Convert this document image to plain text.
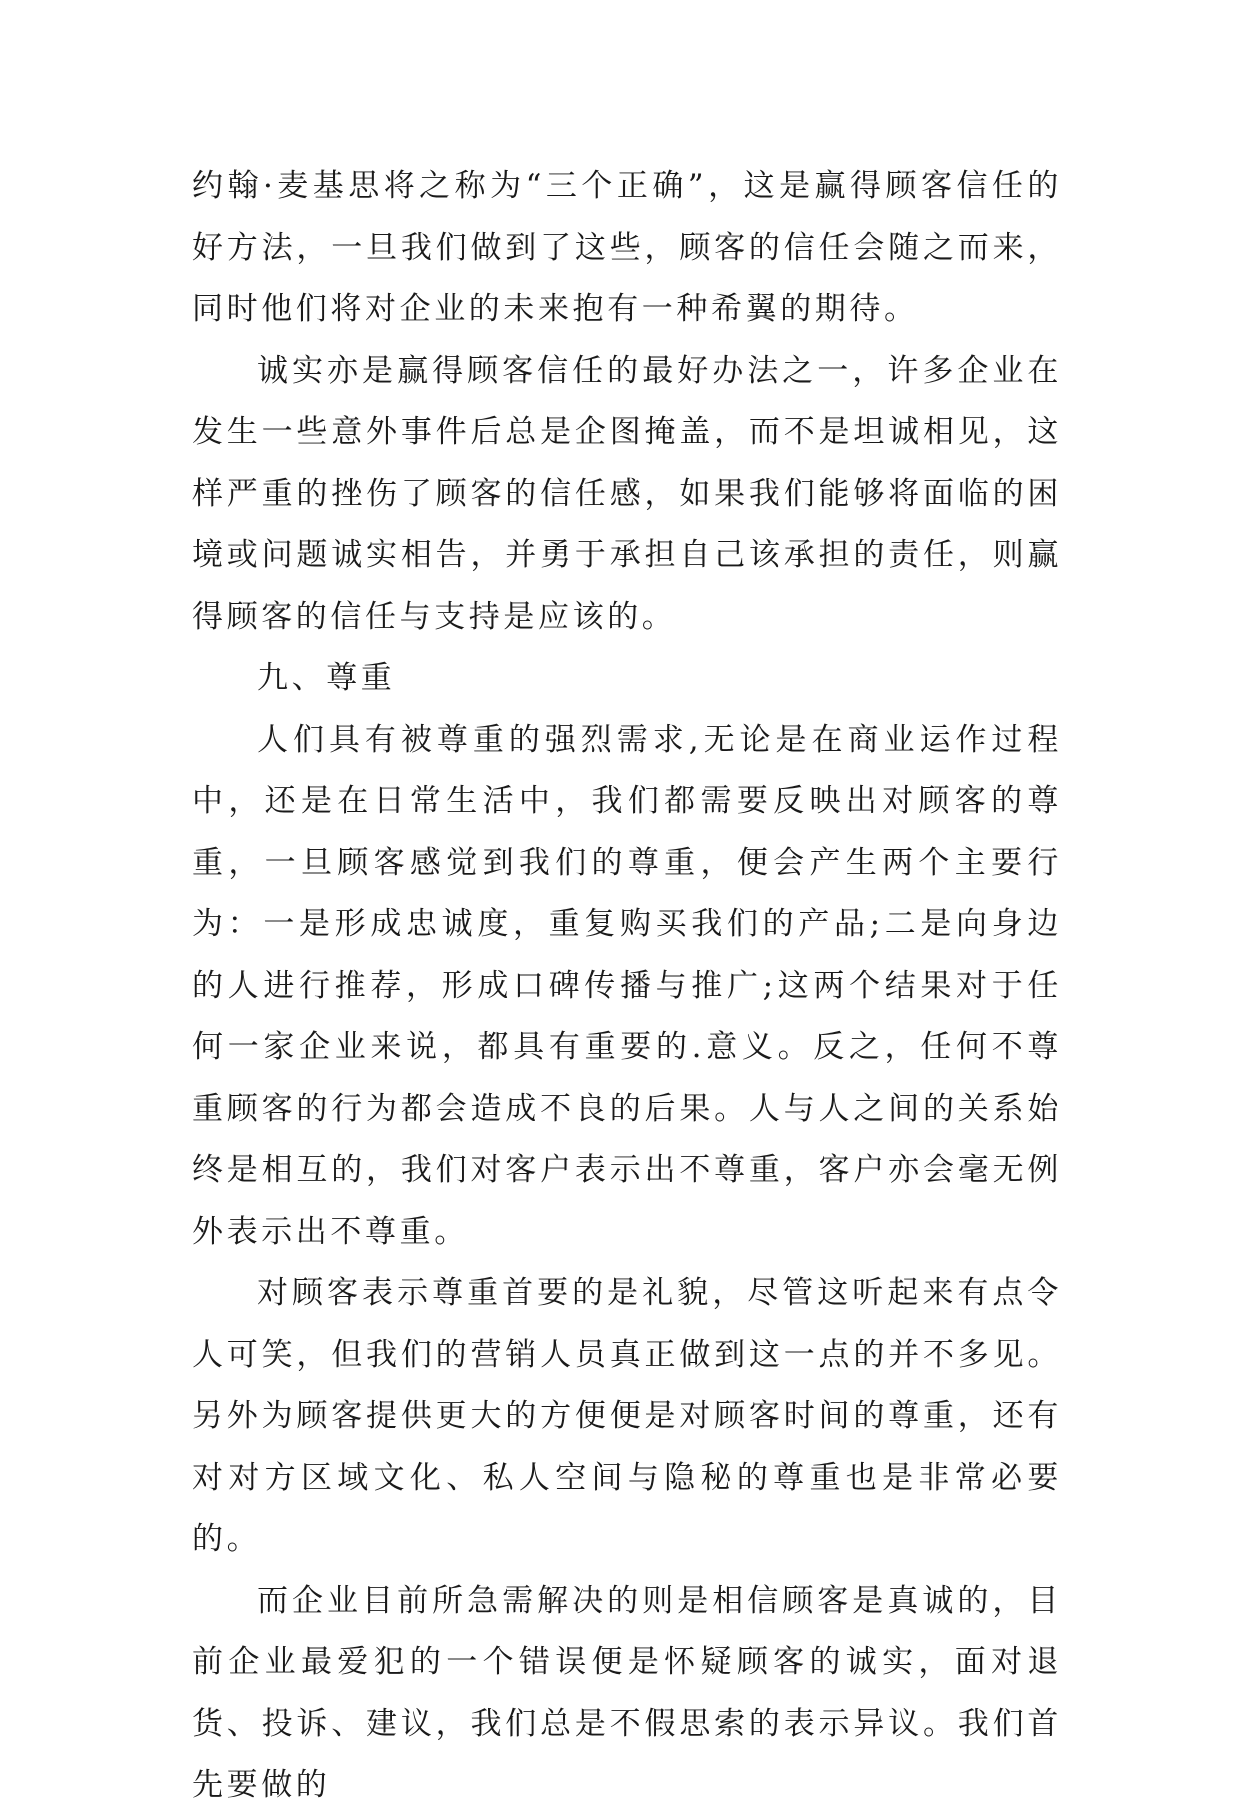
约翰·麦基思将之称为“三个正确”，这是赢得顾客信任的好方法，一旦我们做到了这些，顾客的信任会随之而来，同时他们将对企业的未来抱有一种希翼的期待。

诚实亦是赢得顾客信任的最好办法之一，许多企业在发生一些意外事件后总是企图掩盖，而不是坦诚相见，这样严重的挫伤了顾客的信任感，如果我们能够将面临的困境或问题诚实相告，并勇于承担自己该承担的责任，则赢得顾客的信任与支持是应该的。

九、尊重

人们具有被尊重的强烈需求,无论是在商业运作过程中，还是在日常生活中，我们都需要反映出对顾客的尊重，一旦顾客感觉到我们的尊重，便会产生两个主要行为：一是形成忠诚度，重复购买我们的产品;二是向身边的人进行推荐，形成口碑传播与推广;这两个结果对于任何一家企业来说，都具有重要的.意义。反之，任何不尊重顾客的行为都会造成不良的后果。人与人之间的关系始终是相互的，我们对客户表示出不尊重，客户亦会毫无例外表示出不尊重。

对顾客表示尊重首要的是礼貌，尽管这听起来有点令人可笑，但我们的营销人员真正做到这一点的并不多见。另外为顾客提供更大的方便便是对顾客时间的尊重，还有对对方区域文化、私人空间与隐秘的尊重也是非常必要的。

而企业目前所急需解决的则是相信顾客是真诚的，目前企业最爱犯的一个错误便是怀疑顾客的诚实，面对退货、投诉、建议，我们总是不假思索的表示异议。我们首先要做的
